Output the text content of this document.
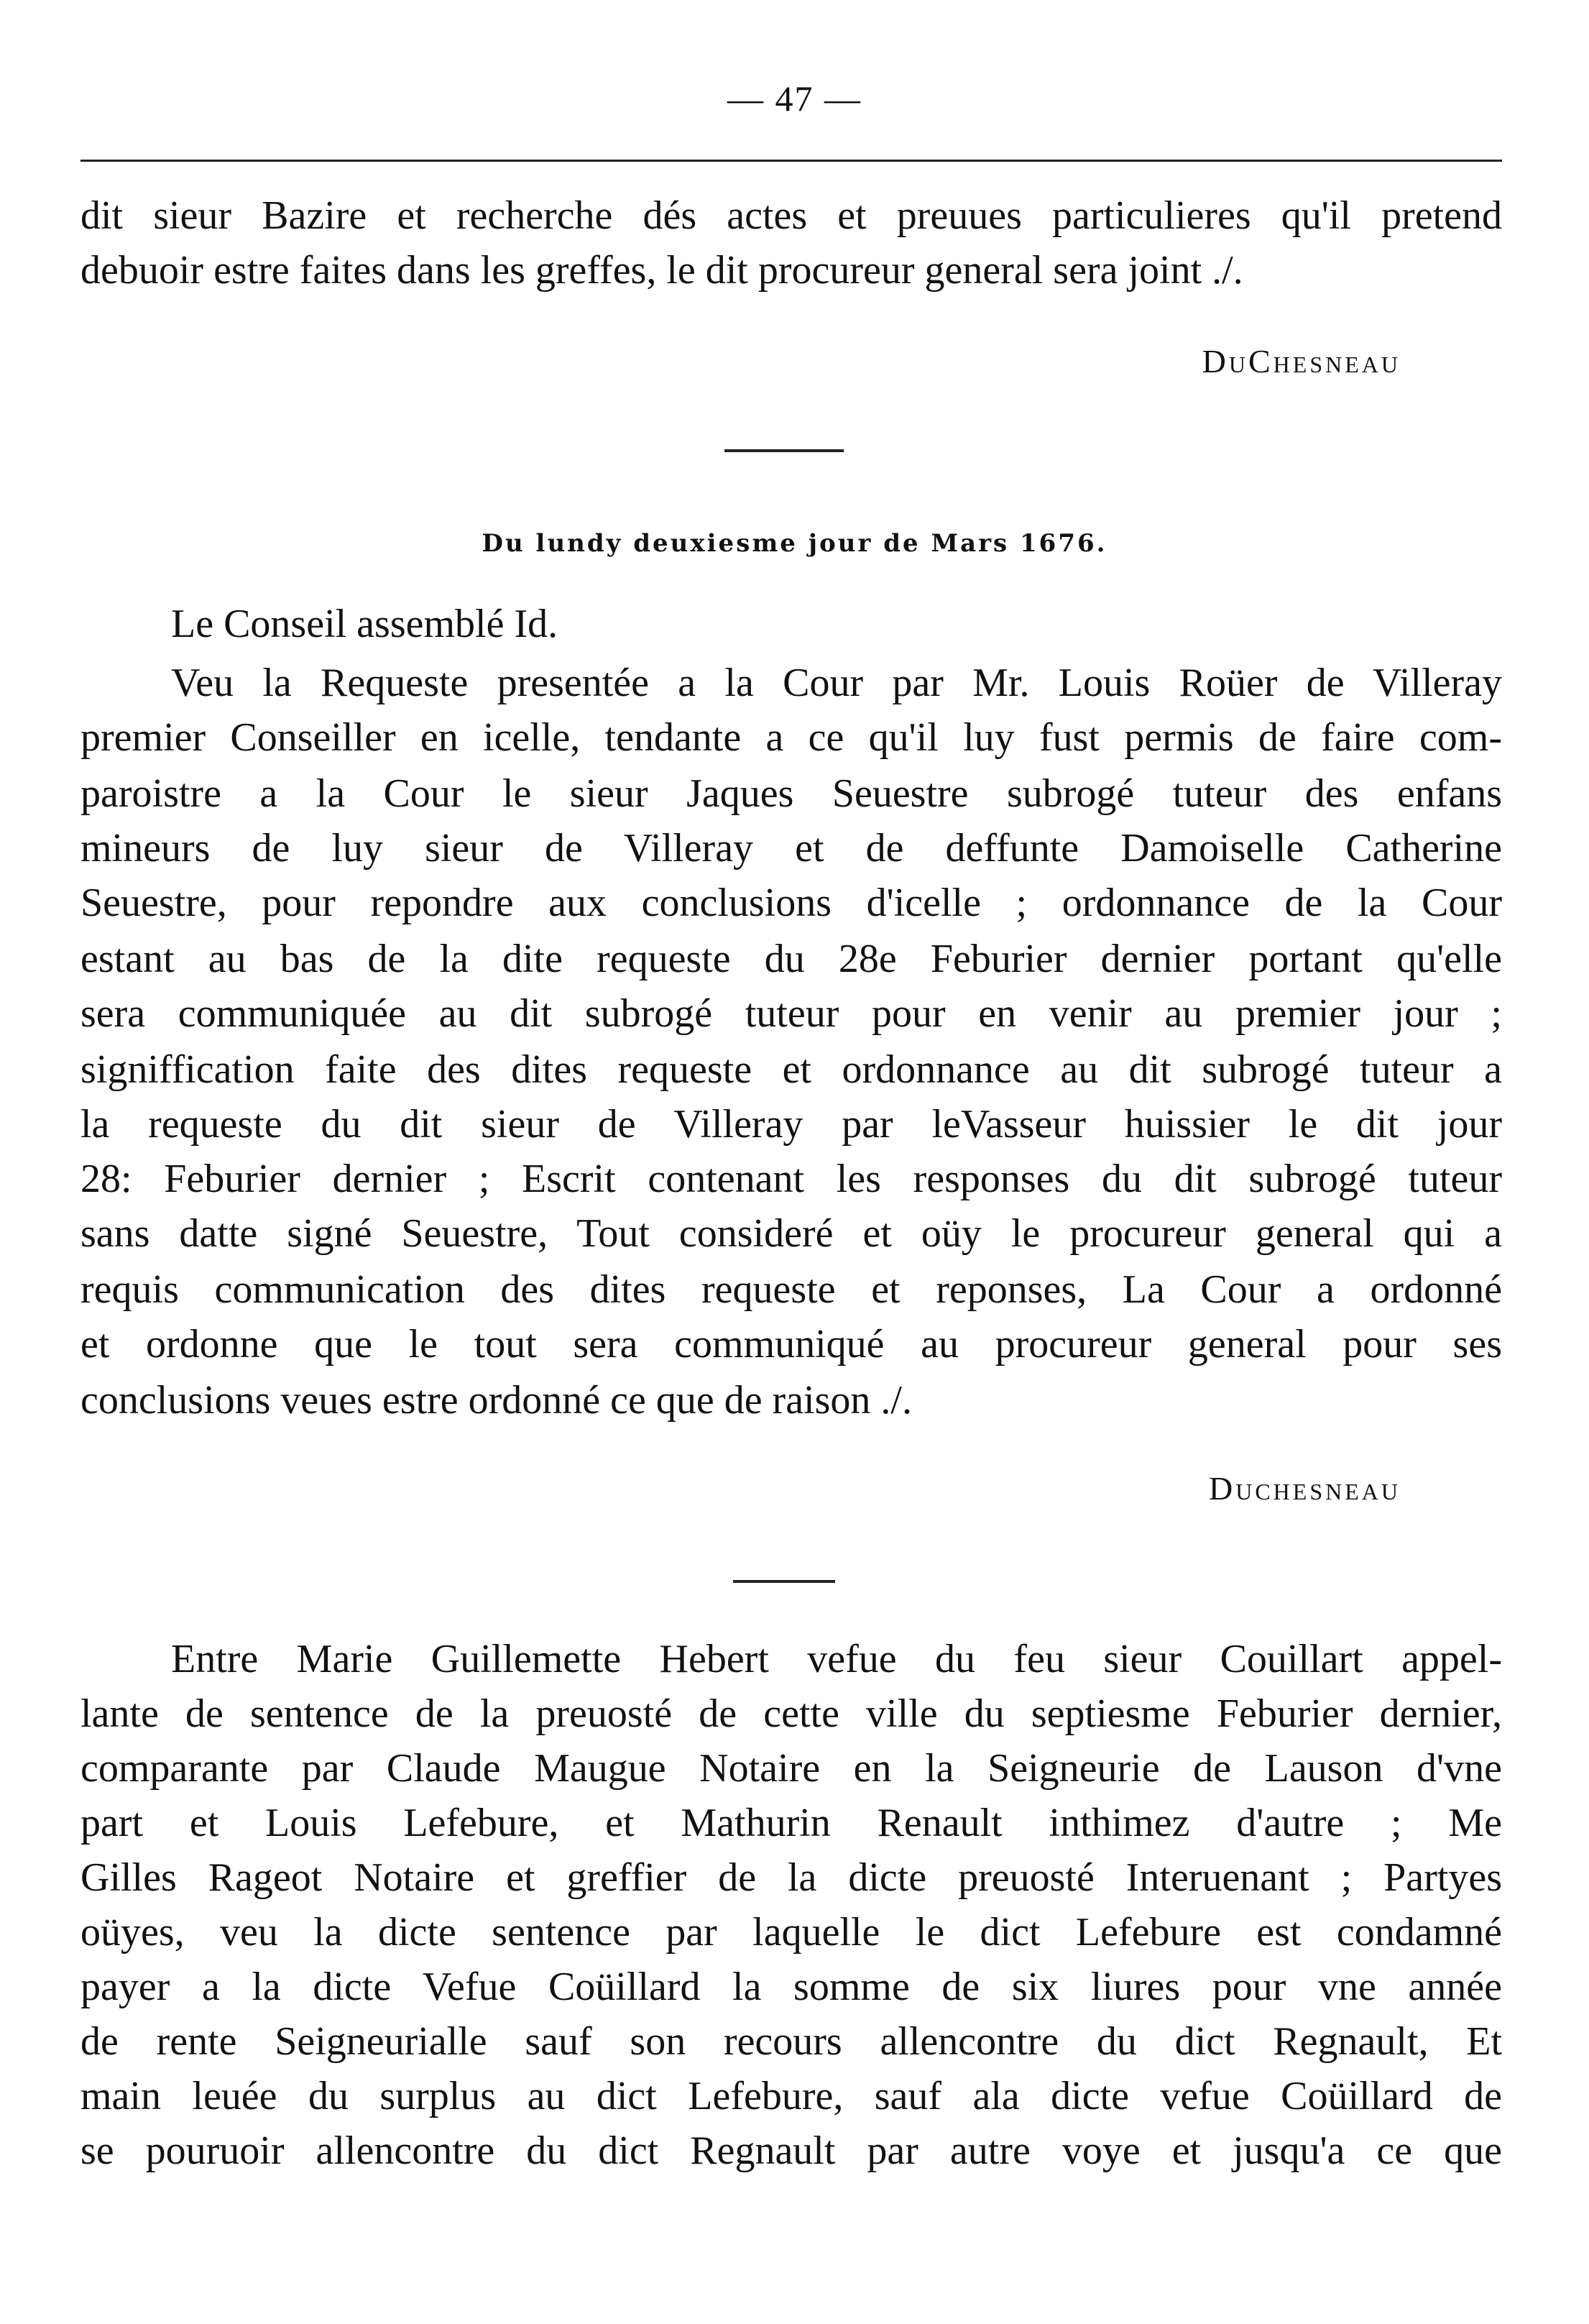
— 47 —
dit sieur Bazire et recherche dés actes et preuues particulieres qu'il pretend
debuoir estre faites dans les greffes, le dit procureur general sera joint ./.
DuChesneau
Du lundy deuxiesme jour de Mars 1676.
Le Conseil assemblé Id.
Veu la Requeste presentée a la Cour par Mr. Louis Roüer de Villeray
premier Conseiller en icelle, tendante a ce qu'il luy fust permis de faire com-
paroistre a la Cour le sieur Jaques Seuestre subrogé tuteur des enfans
mineurs de luy sieur de Villeray et de deffunte Damoiselle Catherine
Seuestre, pour repondre aux conclusions d'icelle ; ordonnance de la Cour
estant au bas de la dite requeste du 28e Feburier dernier portant qu'elle
sera communiquée au dit subrogé tuteur pour en venir au premier jour ;
signiffication faite des dites requeste et ordonnance au dit subrogé tuteur a
la requeste du dit sieur de Villeray par leVasseur huissier le dit jour
28: Feburier dernier ; Escrit contenant les responses du dit subrogé tuteur
sans datte signé Seuestre, Tout consideré et oüy le procureur general qui a
requis communication des dites requeste et reponses, La Cour a ordonné
et ordonne que le tout sera communiqué au procureur general pour ses
conclusions veues estre ordonné ce que de raison ./.
Duchesneau
Entre Marie Guillemette Hebert vefue du feu sieur Couillart appel-
lante de sentence de la preuosté de cette ville du septiesme Feburier dernier,
comparante par Claude Maugue Notaire en la Seigneurie de Lauson d'vne
part et Louis Lefebure, et Mathurin Renault inthimez d'autre ; Me
Gilles Rageot Notaire et greffier de la dicte preuosté Interuenant ; Partyes
oüyes, veu la dicte sentence par laquelle le dict Lefebure est condamné
payer a la dicte Vefue Coüillard la somme de six liures pour vne année
de rente Seigneurialle sauf son recours allencontre du dict Regnault, Et
main leuée du surplus au dict Lefebure, sauf ala dicte vefue Coüillard de
se pouruoir allencontre du dict Regnault par autre voye et jusqu'a ce que
